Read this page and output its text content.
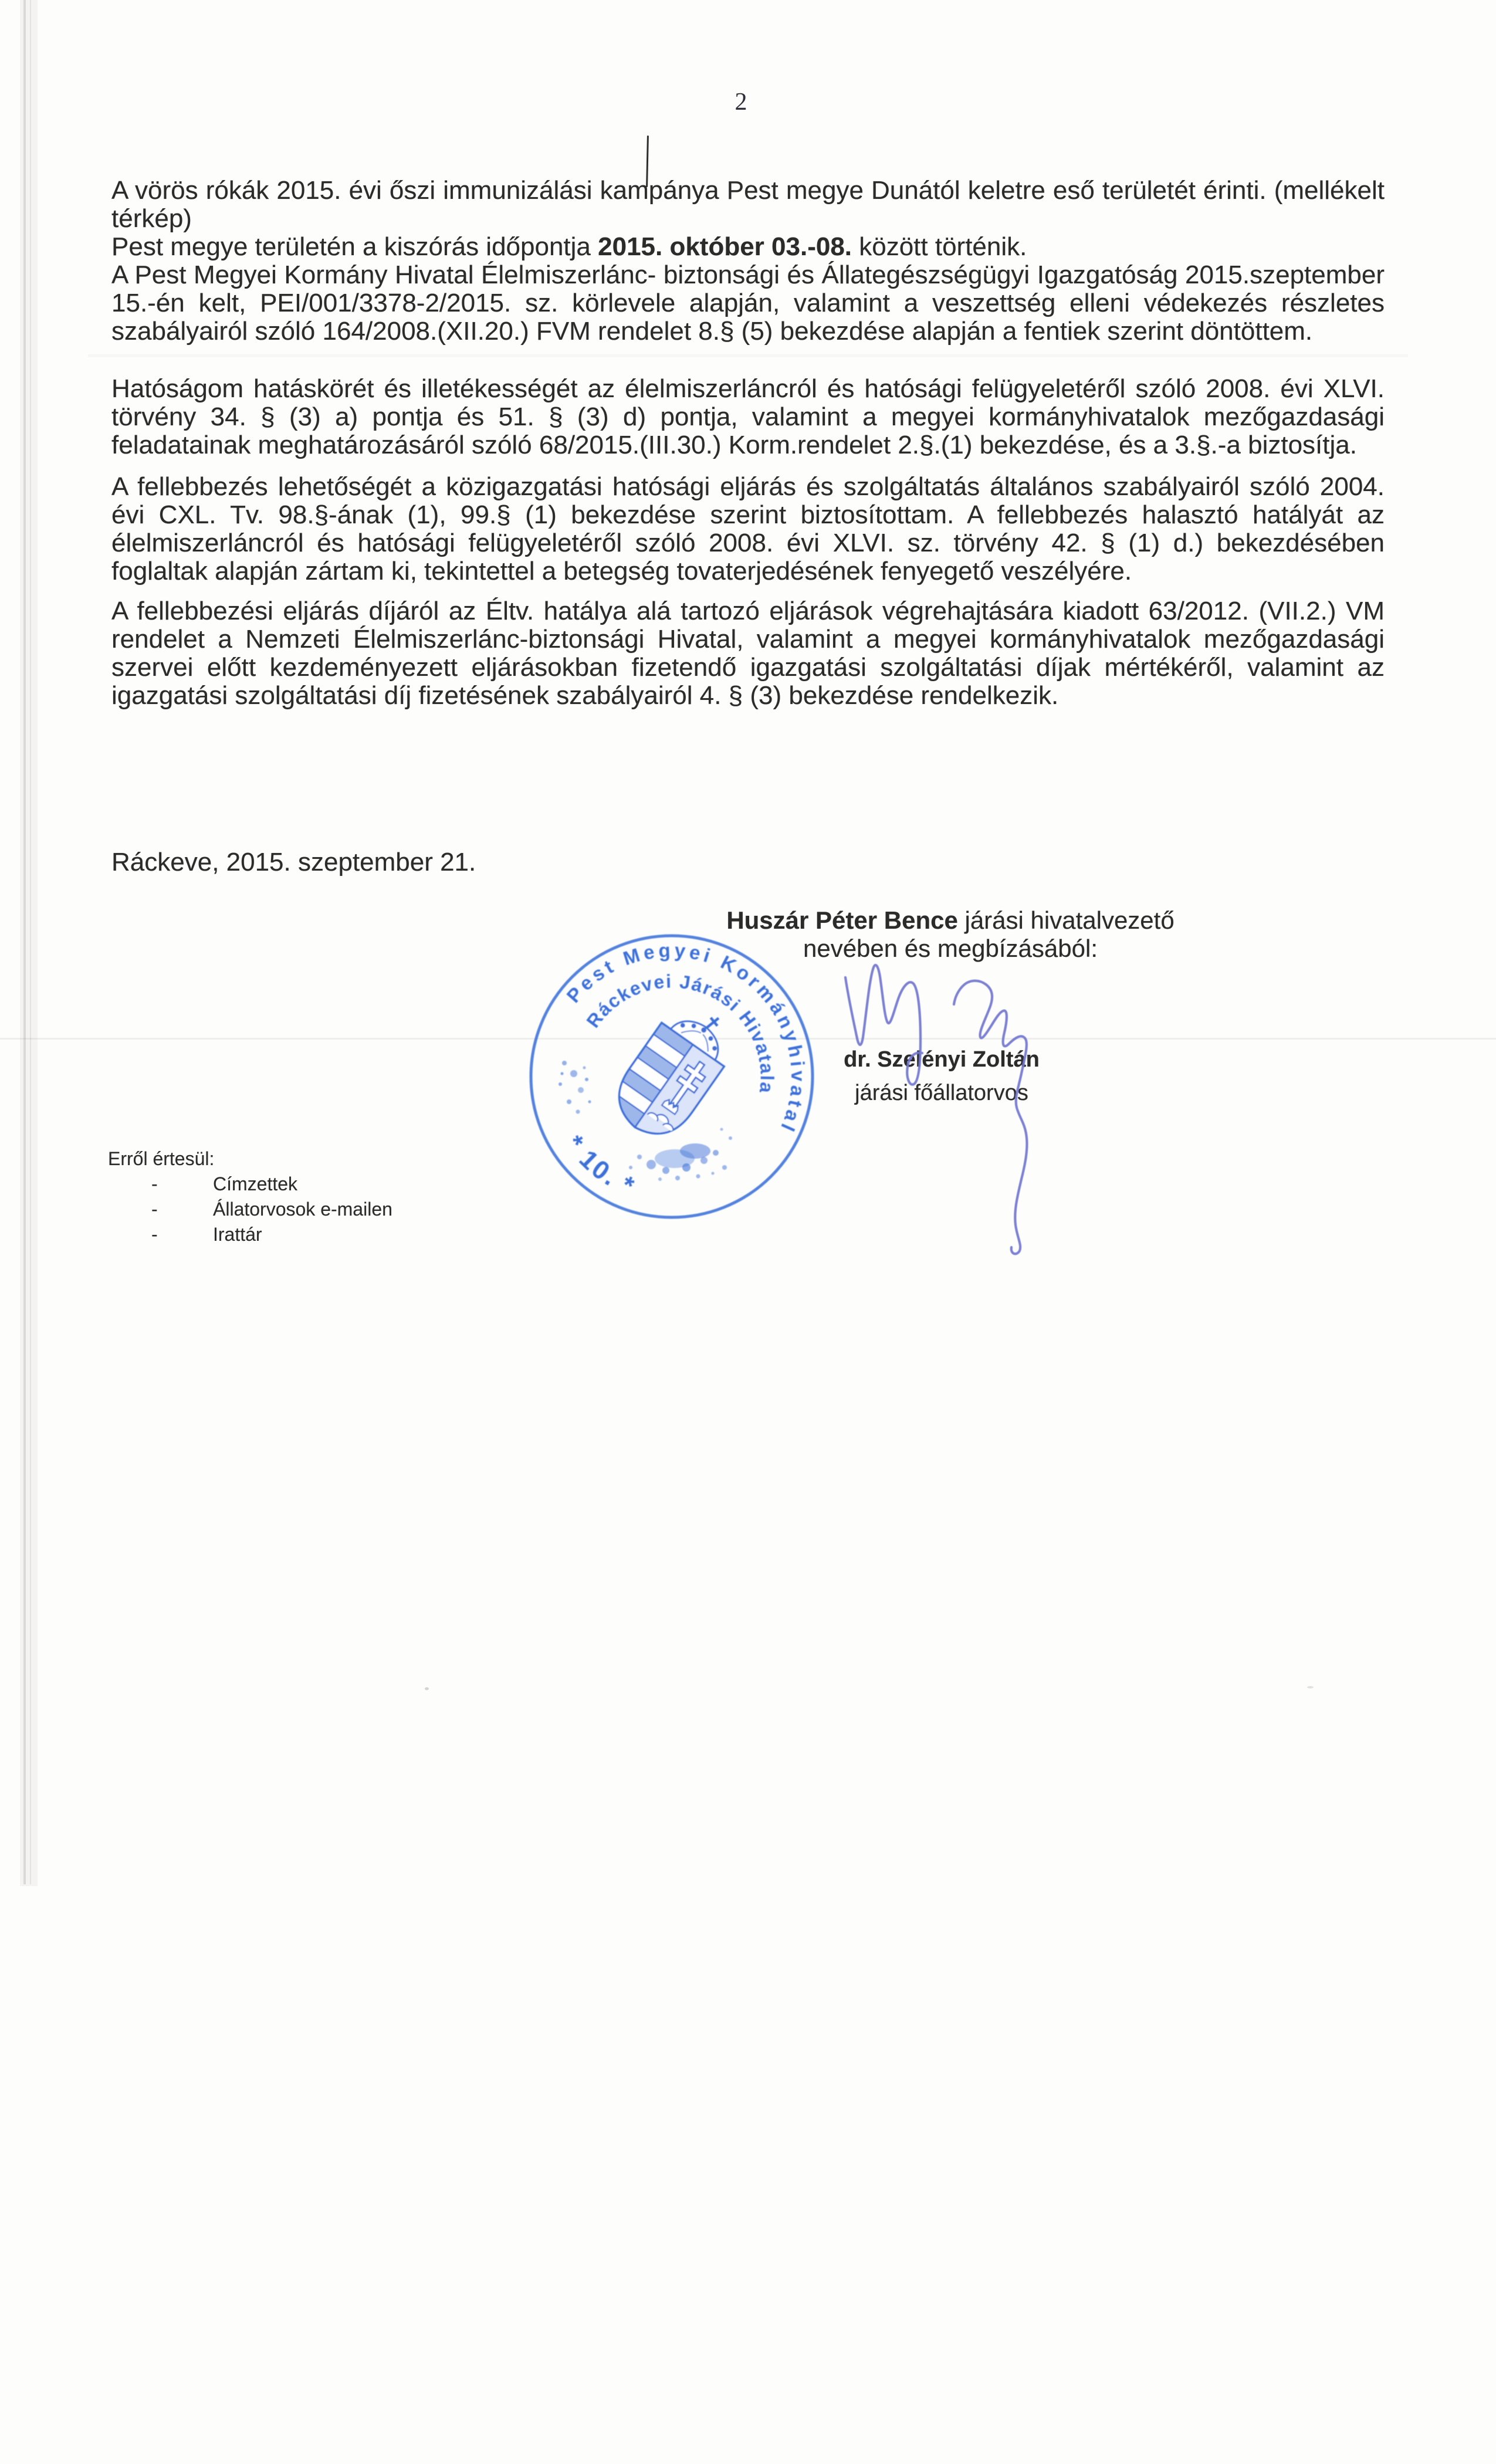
2

A vörös rókák 2015. évi őszi immunizálási kampánya Pest megye Dunától keletre eső területét érinti. (mellékelt térkép)

Pest megye területén a kiszórás időpontja 2015. október 03.-08. között történik.

A Pest Megyei Kormány Hivatal Élelmiszerlánc- biztonsági és Állategészségügyi Igazgatóság 2015.szeptember 15.-én kelt, PEI/001/3378-2/2015. sz. körlevele alapján, valamint a veszettség elleni védekezés részletes szabályairól szóló 164/2008.(XII.20.) FVM rendelet 8.§ (5) bekezdése alapján a fentiek szerint döntöttem.

Hatóságom hatáskörét és illetékességét az élelmiszerláncról és hatósági felügyeletéről szóló 2008. évi XLVI. törvény 34. § (3) a) pontja és 51. § (3) d) pontja, valamint a megyei kormányhivatalok mezőgazdasági feladatainak meghatározásáról szóló 68/2015.(III.30.) Korm.rendelet 2.§.(1) bekezdése, és a 3.§.-a biztosítja.

A fellebbezés lehetőségét a közigazgatási hatósági eljárás és szolgáltatás általános szabályairól szóló 2004. évi CXL. Tv. 98.§-ának (1), 99.§ (1) bekezdése szerint biztosítottam. A fellebbezés halasztó hatályát az élelmiszerláncról és hatósági felügyeletéről szóló 2008. évi XLVI. sz. törvény 42. § (1) d.) bekezdésében foglaltak alapján zártam ki, tekintettel a betegség tovaterjedésének fenyegető veszélyére.

A fellebbezési eljárás díjáról az Éltv. hatálya alá tartozó eljárások végrehajtására kiadott 63/2012. (VII.2.) VM rendelet a Nemzeti Élelmiszerlánc-biztonsági Hivatal, valamint a megyei kormányhivatalok mezőgazdasági szervei előtt kezdeményezett eljárásokban fizetendő igazgatási szolgáltatási díjak mértékéről, valamint az igazgatási szolgáltatási díj fizetésének szabályairól 4. § (3) bekezdése rendelkezik.

Ráckeve, 2015. szeptember 21.
Huszár Péter Bence járási hivatalvezető
nevében és megbízásából:
dr. Szelényi Zoltán
járási főállatorvos
Erről értesül:
-	Címzettek
-	Állatorvosok e-mailen
-	Irattár
Pest Megyei Kormányhivatal
Ráckevei Járási Hivatala
* 10. *
